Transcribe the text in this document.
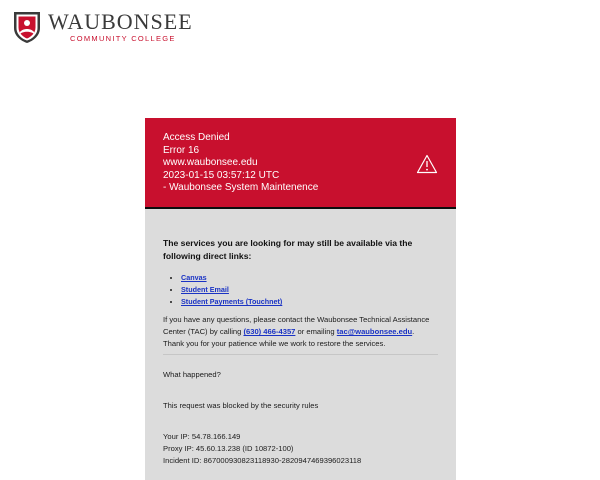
WAUBONSEE
COMMUNITY COLLEGE
Access Denied
Error 16
www.waubonsee.edu
2023-01-15 03:57:12 UTC
- Waubonsee System Maintenence

The services you are looking for may still be available via the following direct links:

• Canvas
• Student Email
• Student Payments (Touchnet)

If you have any questions, please contact the Waubonsee Technical Assistance Center (TAC) by calling (630) 466-4357 or emailing tac@waubonsee.edu.
Thank you for your patience while we work to restore the services.

What happened?

This request was blocked by the security rules

Your IP: 54.78.166.149

Proxy IP: 45.60.13.238 (ID 10872-100)

Incident ID: 867000930823118930-2820947469396023118
